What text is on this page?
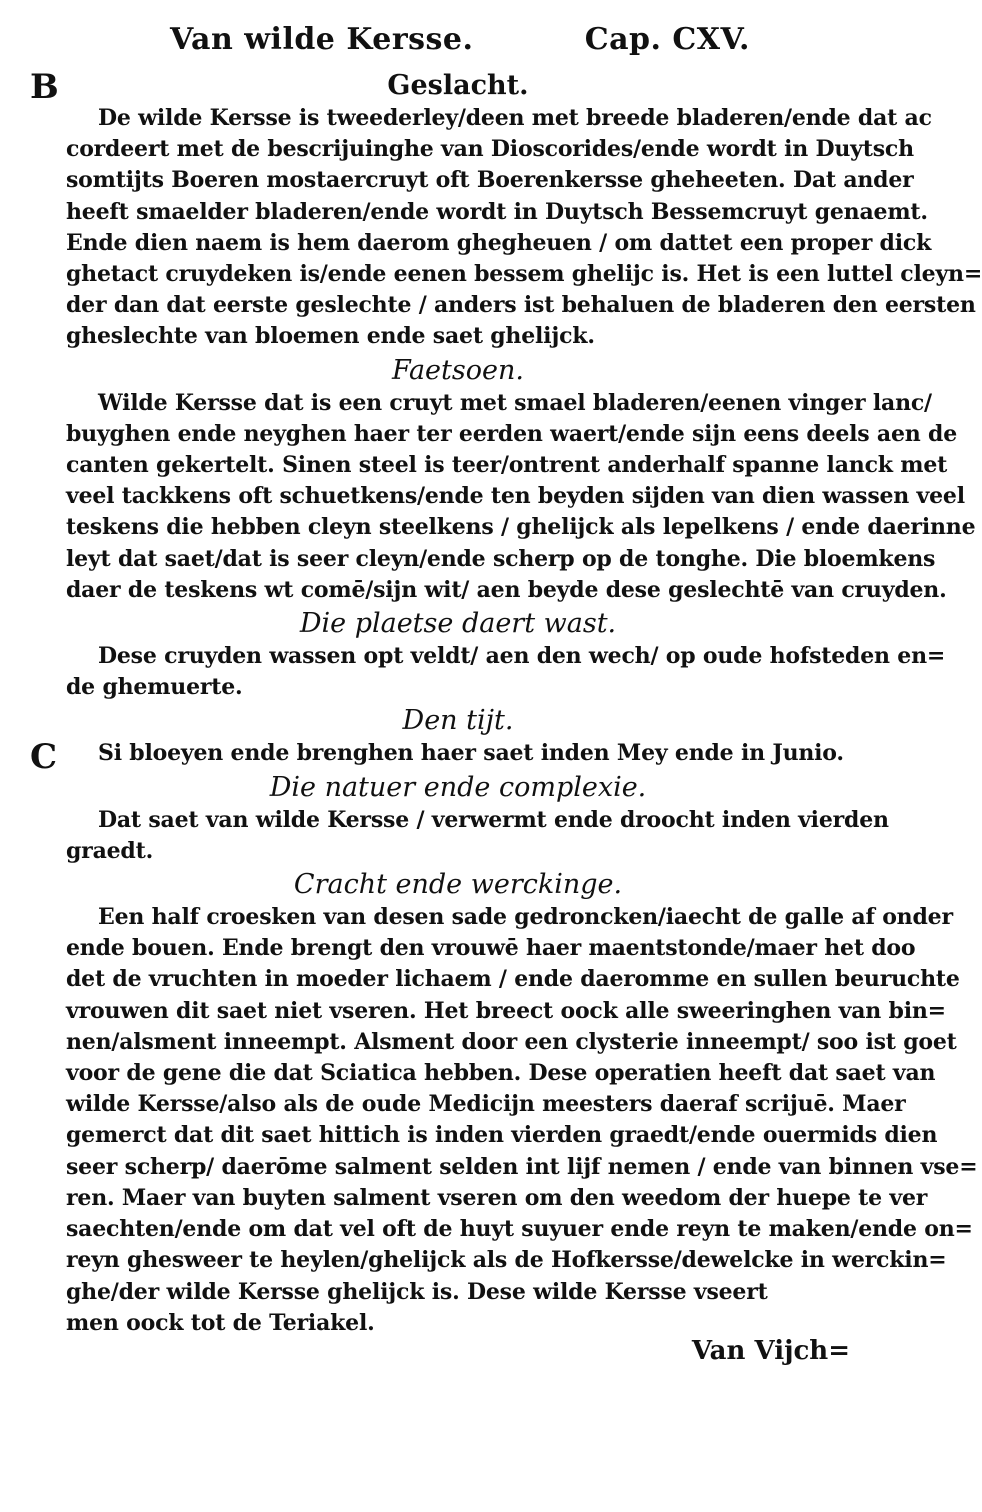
Van wilde Kersse.	Cap. CXV.
B
C
Geslacht.

De wilde Kersse is tweederley/deen met breede bladeren/ende dat ac
cordeert met de bescrijuinghe van Dioscorides/ende wordt in Duytsch
somtijts Boeren mostaercruyt oft Boerenkersse gheheeten. Dat ander
heeft smaelder bladeren/ende wordt in Duytsch Bessemcruyt genaemt.
Ende dien naem is hem daerom ghegheuen / om dattet een proper dick
ghetact cruydeken is/ende eenen bessem ghelijc is. Het is een luttel cleyn=
der dan dat eerste geslechte / anders ist behaluen de bladeren den eersten
gheslechte van bloemen ende saet ghelijck.

Faetsoen.

Wilde Kersse dat is een cruyt met smael bladeren/eenen vinger lanc/
buyghen ende neyghen haer ter eerden waert/ende sijn eens deels aen de
canten gekertelt. Sinen steel is teer/ontrent anderhalf spanne lanck met
veel tackkens oft schuetkens/ende ten beyden sijden van dien wassen veel
teskens die hebben cleyn steelkens / ghelijck als lepelkens / ende daerinne
leyt dat saet/dat is seer cleyn/ende scherp op de tonghe. Die bloemkens
daer de teskens wt comē/sijn wit/ aen beyde dese geslechtē van cruyden.

Die plaetse daert wast.

Dese cruyden wassen opt veldt/ aen den wech/ op oude hofsteden en=
de ghemuerte.

Den tijt.

Si bloeyen ende brenghen haer saet inden Mey ende in Junio.

Die natuer ende complexie.

Dat saet van wilde Kersse / verwermt ende droocht inden vierden
graedt.

Cracht ende werckinge.

Een half croesken van desen sade gedroncken/iaecht de galle af onder
ende bouen. Ende brengt den vrouwē haer maentstonde/maer het doo
det de vruchten in moeder lichaem / ende daeromme en sullen beuruchte
vrouwen dit saet niet vseren. Het breect oock alle sweeringhen van bin=
nen/alsment inneempt. Alsment door een clysterie inneempt/ soo ist goet
voor de gene die dat Sciatica hebben. Dese operatien heeft dat saet van
wilde Kersse/also als de oude Medicijn meesters daeraf scrijuē. Maer
gemerct dat dit saet hittich is inden vierden graedt/ende ouermids dien
seer scherp/ daerōme salment selden int lijf nemen / ende van binnen vse=
ren. Maer van buyten salment vseren om den weedom der huepe te ver
saechten/ende om dat vel oft de huyt suyuer ende reyn te maken/ende on=
reyn ghesweer te heylen/ghelijck als de Hofkersse/dewelcke in werckin=
ghe/der wilde Kersse ghelijck is. Dese wilde Kersse vseert
men oock tot de Teriakel.

Van Vijch=
